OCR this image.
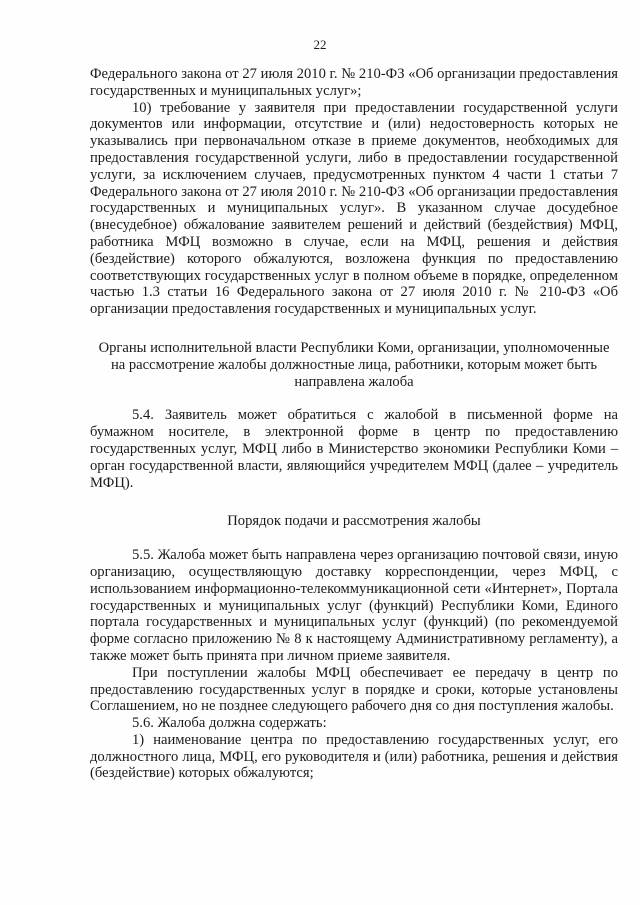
22

Федерального закона от 27 июля 2010 г. № 210-ФЗ «Об организации предоставления государственных и муниципальных услуг»;

10) требование у заявителя при предоставлении государственной услуги документов или информации, отсутствие и (или) недостоверность которых не указывались при первоначальном отказе в приеме документов, необходимых для предоставления государственной услуги, либо в предоставлении государственной услуги, за исключением случаев, предусмотренных пунктом 4 части 1 статьи 7 Федерального закона от 27 июля 2010 г. № 210-ФЗ «Об организации предоставления государственных и муниципальных услуг». В указанном случае досудебное (внесудебное) обжалование заявителем решений и действий (бездействия) МФЦ, работника МФЦ возможно в случае, если на МФЦ, решения и действия (бездействие) которого обжалуются, возложена функция по предоставлению соответствующих государственных услуг в полном объеме в порядке, определенном частью 1.3 статьи 16 Федерального закона от 27 июля 2010 г. № 210-ФЗ «Об организации предоставления государственных и муниципальных услуг.

Органы исполнительной власти Республики Коми, организации, уполномоченные на рассмотрение жалобы должностные лица, работники, которым может быть направлена жалоба

5.4. Заявитель может обратиться с жалобой в письменной форме на бумажном носителе, в электронной форме в центр по предоставлению государственных услуг, МФЦ либо в Министерство экономики Республики Коми – орган государственной власти, являющийся учредителем МФЦ (далее – учредитель МФЦ).

Порядок подачи и рассмотрения жалобы

5.5. Жалоба может быть направлена через организацию почтовой связи, иную организацию, осуществляющую доставку корреспонденции, через МФЦ, с использованием информационно-телекоммуникационной сети «Интернет», Портала государственных и муниципальных услуг (функций) Республики Коми, Единого портала государственных и муниципальных услуг (функций) (по рекомендуемой форме согласно приложению № 8 к настоящему Административному регламенту), а также может быть принята при личном приеме заявителя.

При поступлении жалобы МФЦ обеспечивает ее передачу в центр по предоставлению государственных услуг в порядке и сроки, которые установлены Соглашением, но не позднее следующего рабочего дня со дня поступления жалобы.

5.6. Жалоба должна содержать:

1) наименование центра по предоставлению государственных услуг, его должностного лица, МФЦ, его руководителя и (или) работника, решения и действия (бездействие) которых обжалуются;
